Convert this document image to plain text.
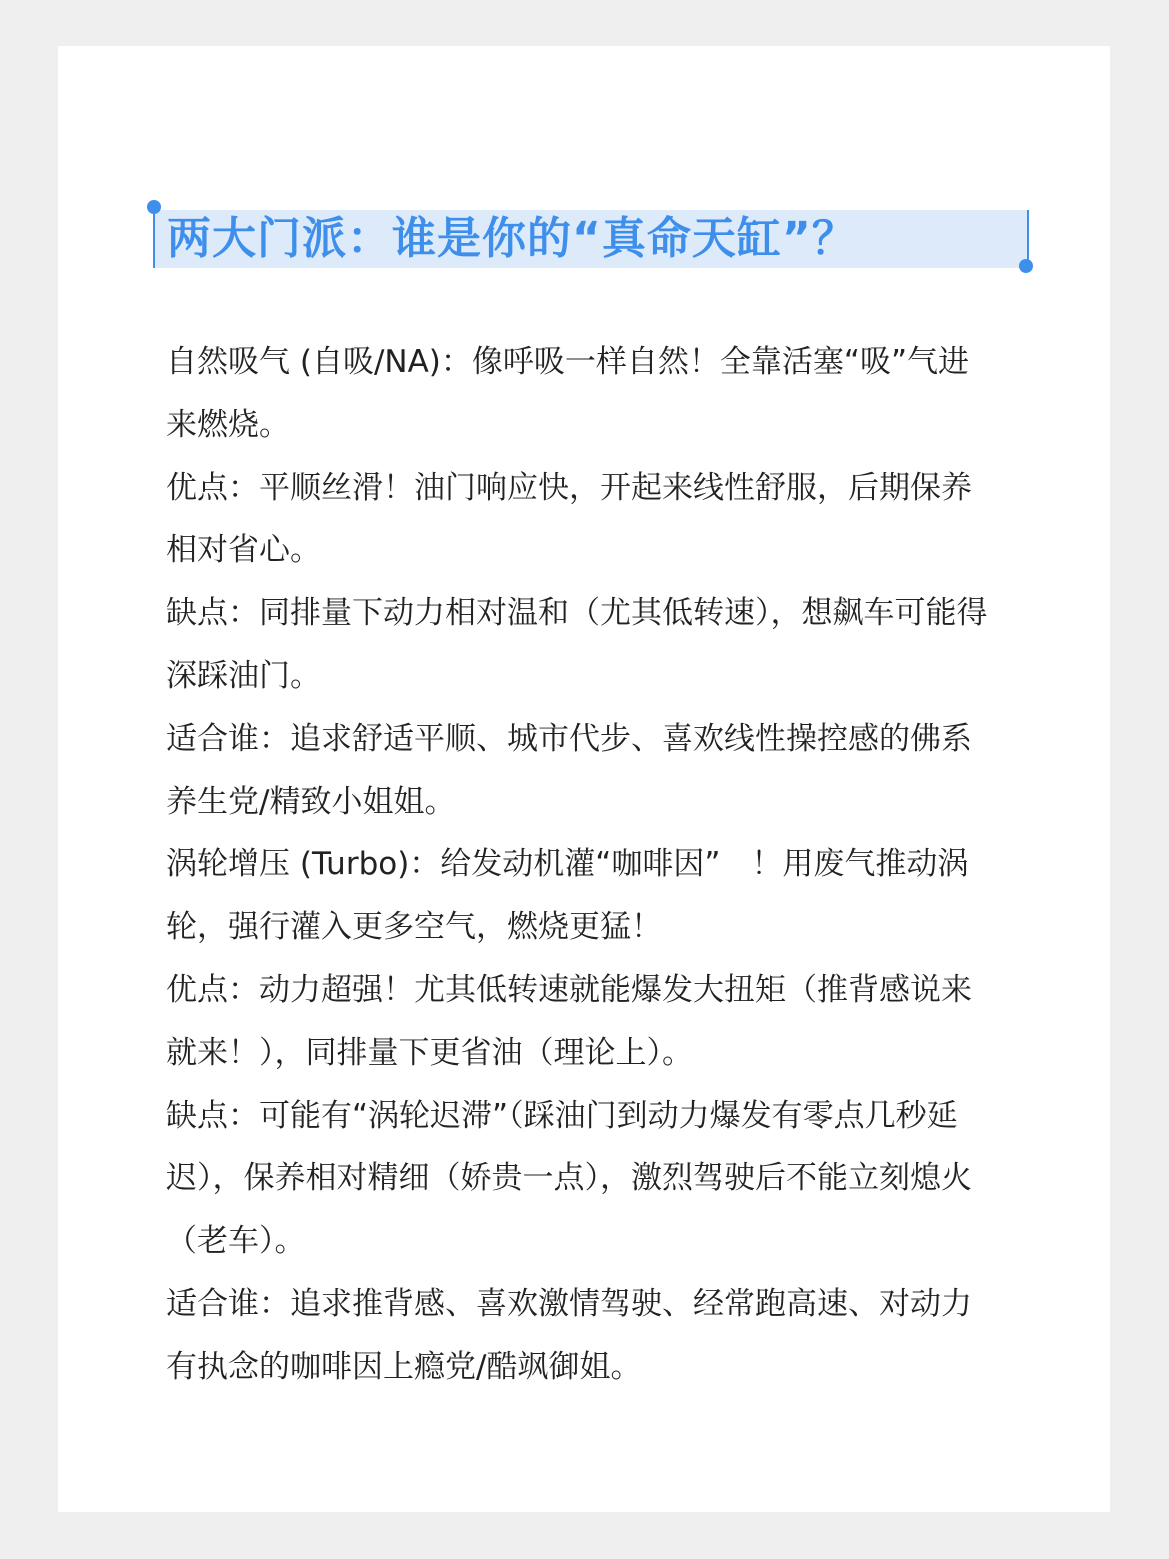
两大门派：谁是你的“真命天缸”？

自然吸气 (自吸/NA)：像呼吸一样自然！全靠活塞“吸”气进来燃烧。

优点：平顺丝滑！油门响应快，开起来线性舒服，后期保养相对省心。

缺点：同排量下动力相对温和（尤其低转速），想飙车可能得深踩油门。

适合谁：追求舒适平顺、城市代步、喜欢线性操控感的佛系养生党/精致小姐姐。

涡轮增压 (Turbo)：给发动机灌“咖啡因”　！用废气推动涡轮，强行灌入更多空气，燃烧更猛！

优点：动力超强！尤其低转速就能爆发大扭矩（推背感说来就来！），同排量下更省油（理论上）。

缺点：可能有“涡轮迟滞”（踩油门到动力爆发有零点几秒延迟），保养相对精细（娇贵一点），激烈驾驶后不能立刻熄火（老车）。

适合谁：追求推背感、喜欢激情驾驶、经常跑高速、对动力有执念的咖啡因上瘾党/酷飒御姐。
